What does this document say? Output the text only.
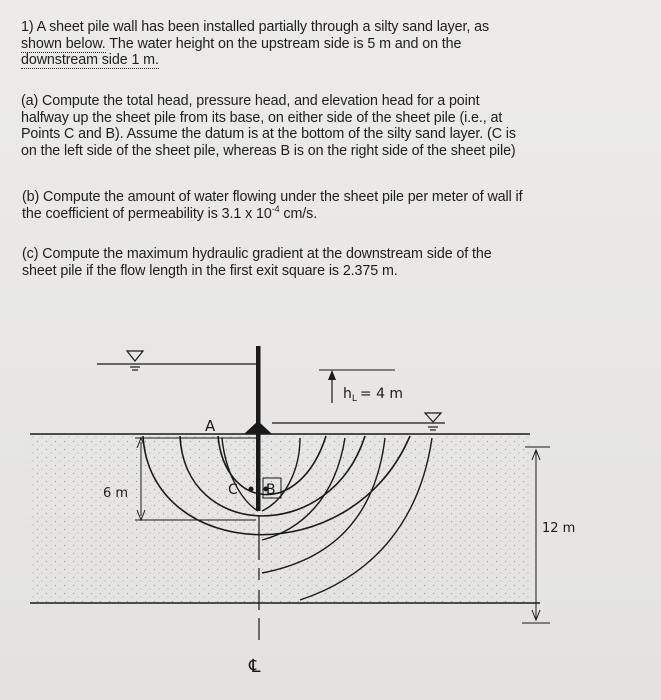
1) A sheet pile wall has been installed partially through a silty sand layer, as
shown below. The water height on the upstream side is 5 m and on the
downstream side 1 m.

(a) Compute the total head, pressure head, and elevation head for a point
halfway up the sheet pile from its base, on either side of the sheet pile (i.e., at
Points C and B). Assume the datum is at the bottom of the silty sand layer. (C is
on the left side of the sheet pile, whereas B is on the right side of the sheet pile)

(b) Compute the amount of water flowing under the sheet pile per meter of wall if
the coefficient of permeability is 3.1 x $10^{-4}$ cm/s.

(c) Compute the maximum hydraulic gradient at the downstream side of the
sheet pile if the flow length in the first exit square is 2.375 m.

$h_L = 4$ m
℄
A
C B
6 m
12 m
